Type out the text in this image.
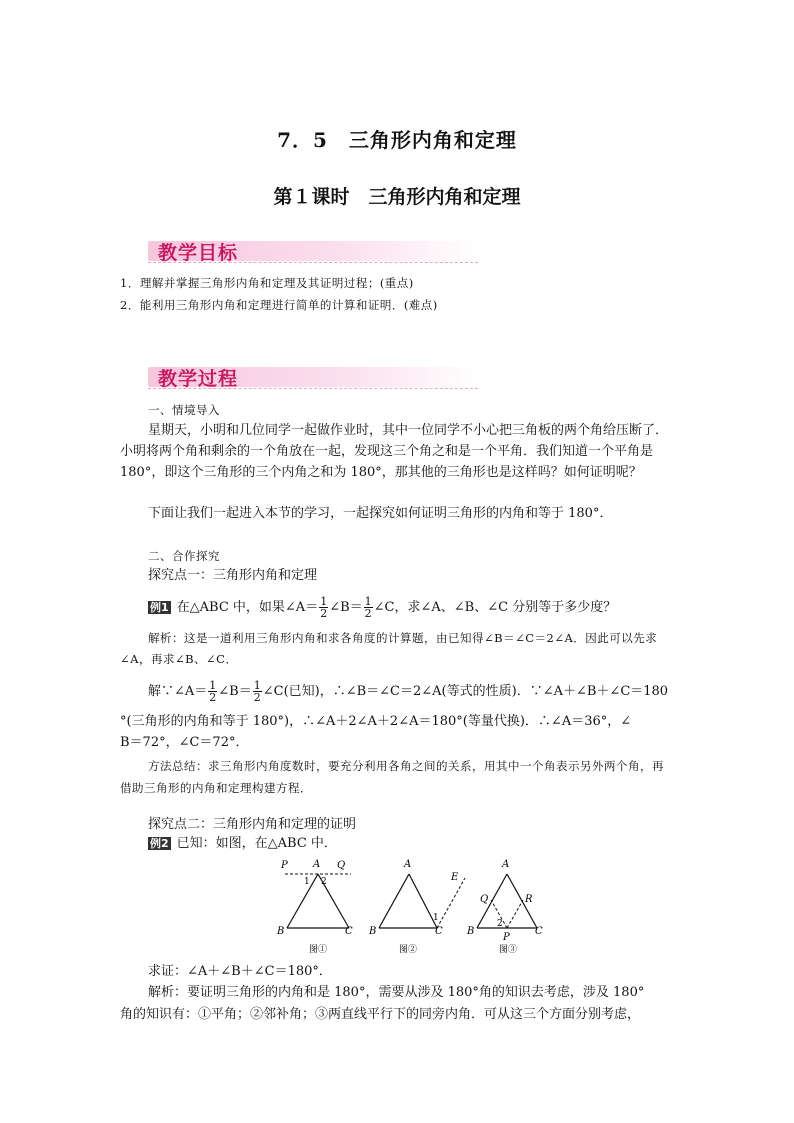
7．5　三角形内角和定理
第１课时　三角形内角和定理
教学目标
1．理解并掌握三角形内角和定理及其证明过程；(重点)
2．能利用三角形内角和定理进行简单的计算和证明．(难点)
教学过程
一、情境导入
星期天，小明和几位同学一起做作业时，其中一位同学不小心把三角板的两个角给压断了．小明将两个角和剩余的一个角放在一起，发现这三个角之和是一个平角．我们知道一个平角是 180°，即这个三角形的三个内角之和为 180°，那其他的三角形也是这样吗？如何证明呢？
下面让我们一起进入本节的学习，一起探究如何证明三角形的内角和等于 180°．
二、合作探究
探究点一：三角形内角和定理
例1 在△ABC 中，如果∠A＝ $\frac{1}{2}$ ∠B＝ $\frac{1}{2}$ ∠C，求∠A、∠B、∠C 分别等于多少度？
解析：这是一道利用三角形内角和求各角度的计算题，由已知得∠B＝∠C＝2∠A．因此可以先求∠A，再求∠B、∠C．
解∵∠A＝ $\frac{1}{2}$ ∠B＝ $\frac{1}{2}$ ∠C(已知)，∴∠B＝∠C＝2∠A(等式的性质)．∵∠A＋∠B＋∠C＝180
°(三角形的内角和等于 180°)，∴∠A＋2∠A＋2∠A＝180°(等量代换)．∴∠A＝36°，∠
B＝72°，∠C＝72°．
方法总结：求三角形内角度数时，要充分利用各角之间的关系，用其中一个角表示另外两个角，再借助三角形的内角和定理构建方程．
探究点二：三角形内角和定理的证明
例2 已知：如图，在△ABC 中．
P	A Q
1 2
B	C
图①
A
E
1
B	C
图②
A
Q	R
2
B	C
P
图③
求证：∠A＋∠B＋∠C＝180°．
解析：要证明三角形的内角和是 180°，需要从涉及 180°角的知识去考虑，涉及 180°
角的知识有：①平角；②邻补角；③两直线平行下的同旁内角．可从这三个方面分别考虑，
